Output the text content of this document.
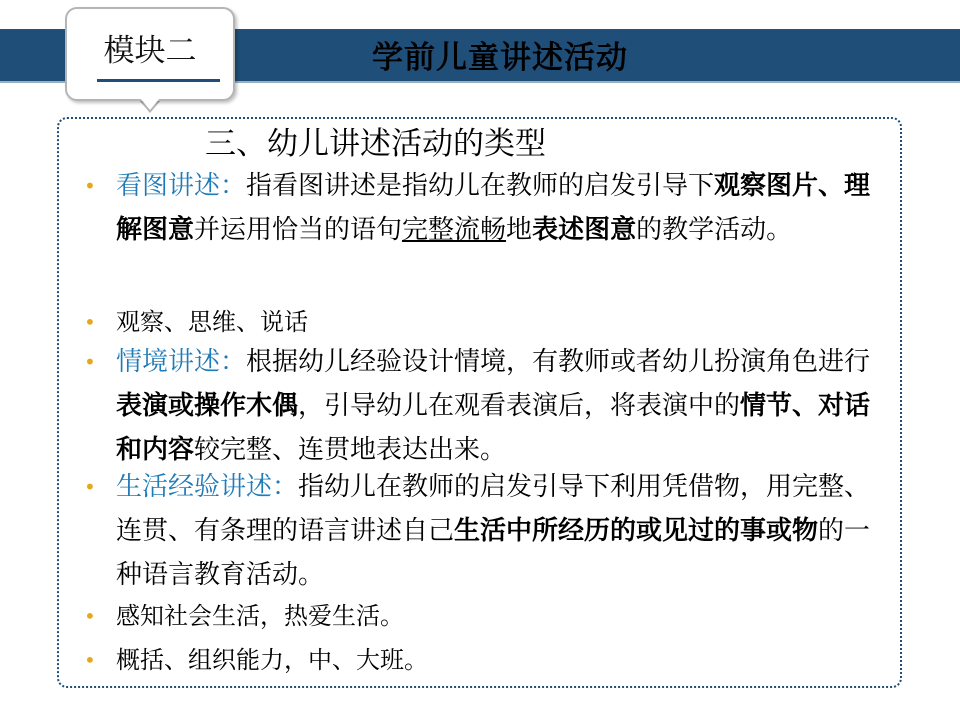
学前儿童讲述活动
模块二
三、幼儿讲述活动的类型
• 看图讲述：指看图讲述是指幼儿在教师的启发引导下观察图片、理解图意并运用恰当的语句完整流畅地表述图意的教学活动。
• 观察、思维、说话
• 情境讲述：根据幼儿经验设计情境，有教师或者幼儿扮演角色进行表演或操作木偶，引导幼儿在观看表演后，将表演中的情节、对话和内容较完整、连贯地表达出来。
• 生活经验讲述：指幼儿在教师的启发引导下利用凭借物，用完整、连贯、有条理的语言讲述自己生活中所经历的或见过的事或物的一种语言教育活动。
• 感知社会生活，热爱生活。
• 概括、组织能力，中、大班。
